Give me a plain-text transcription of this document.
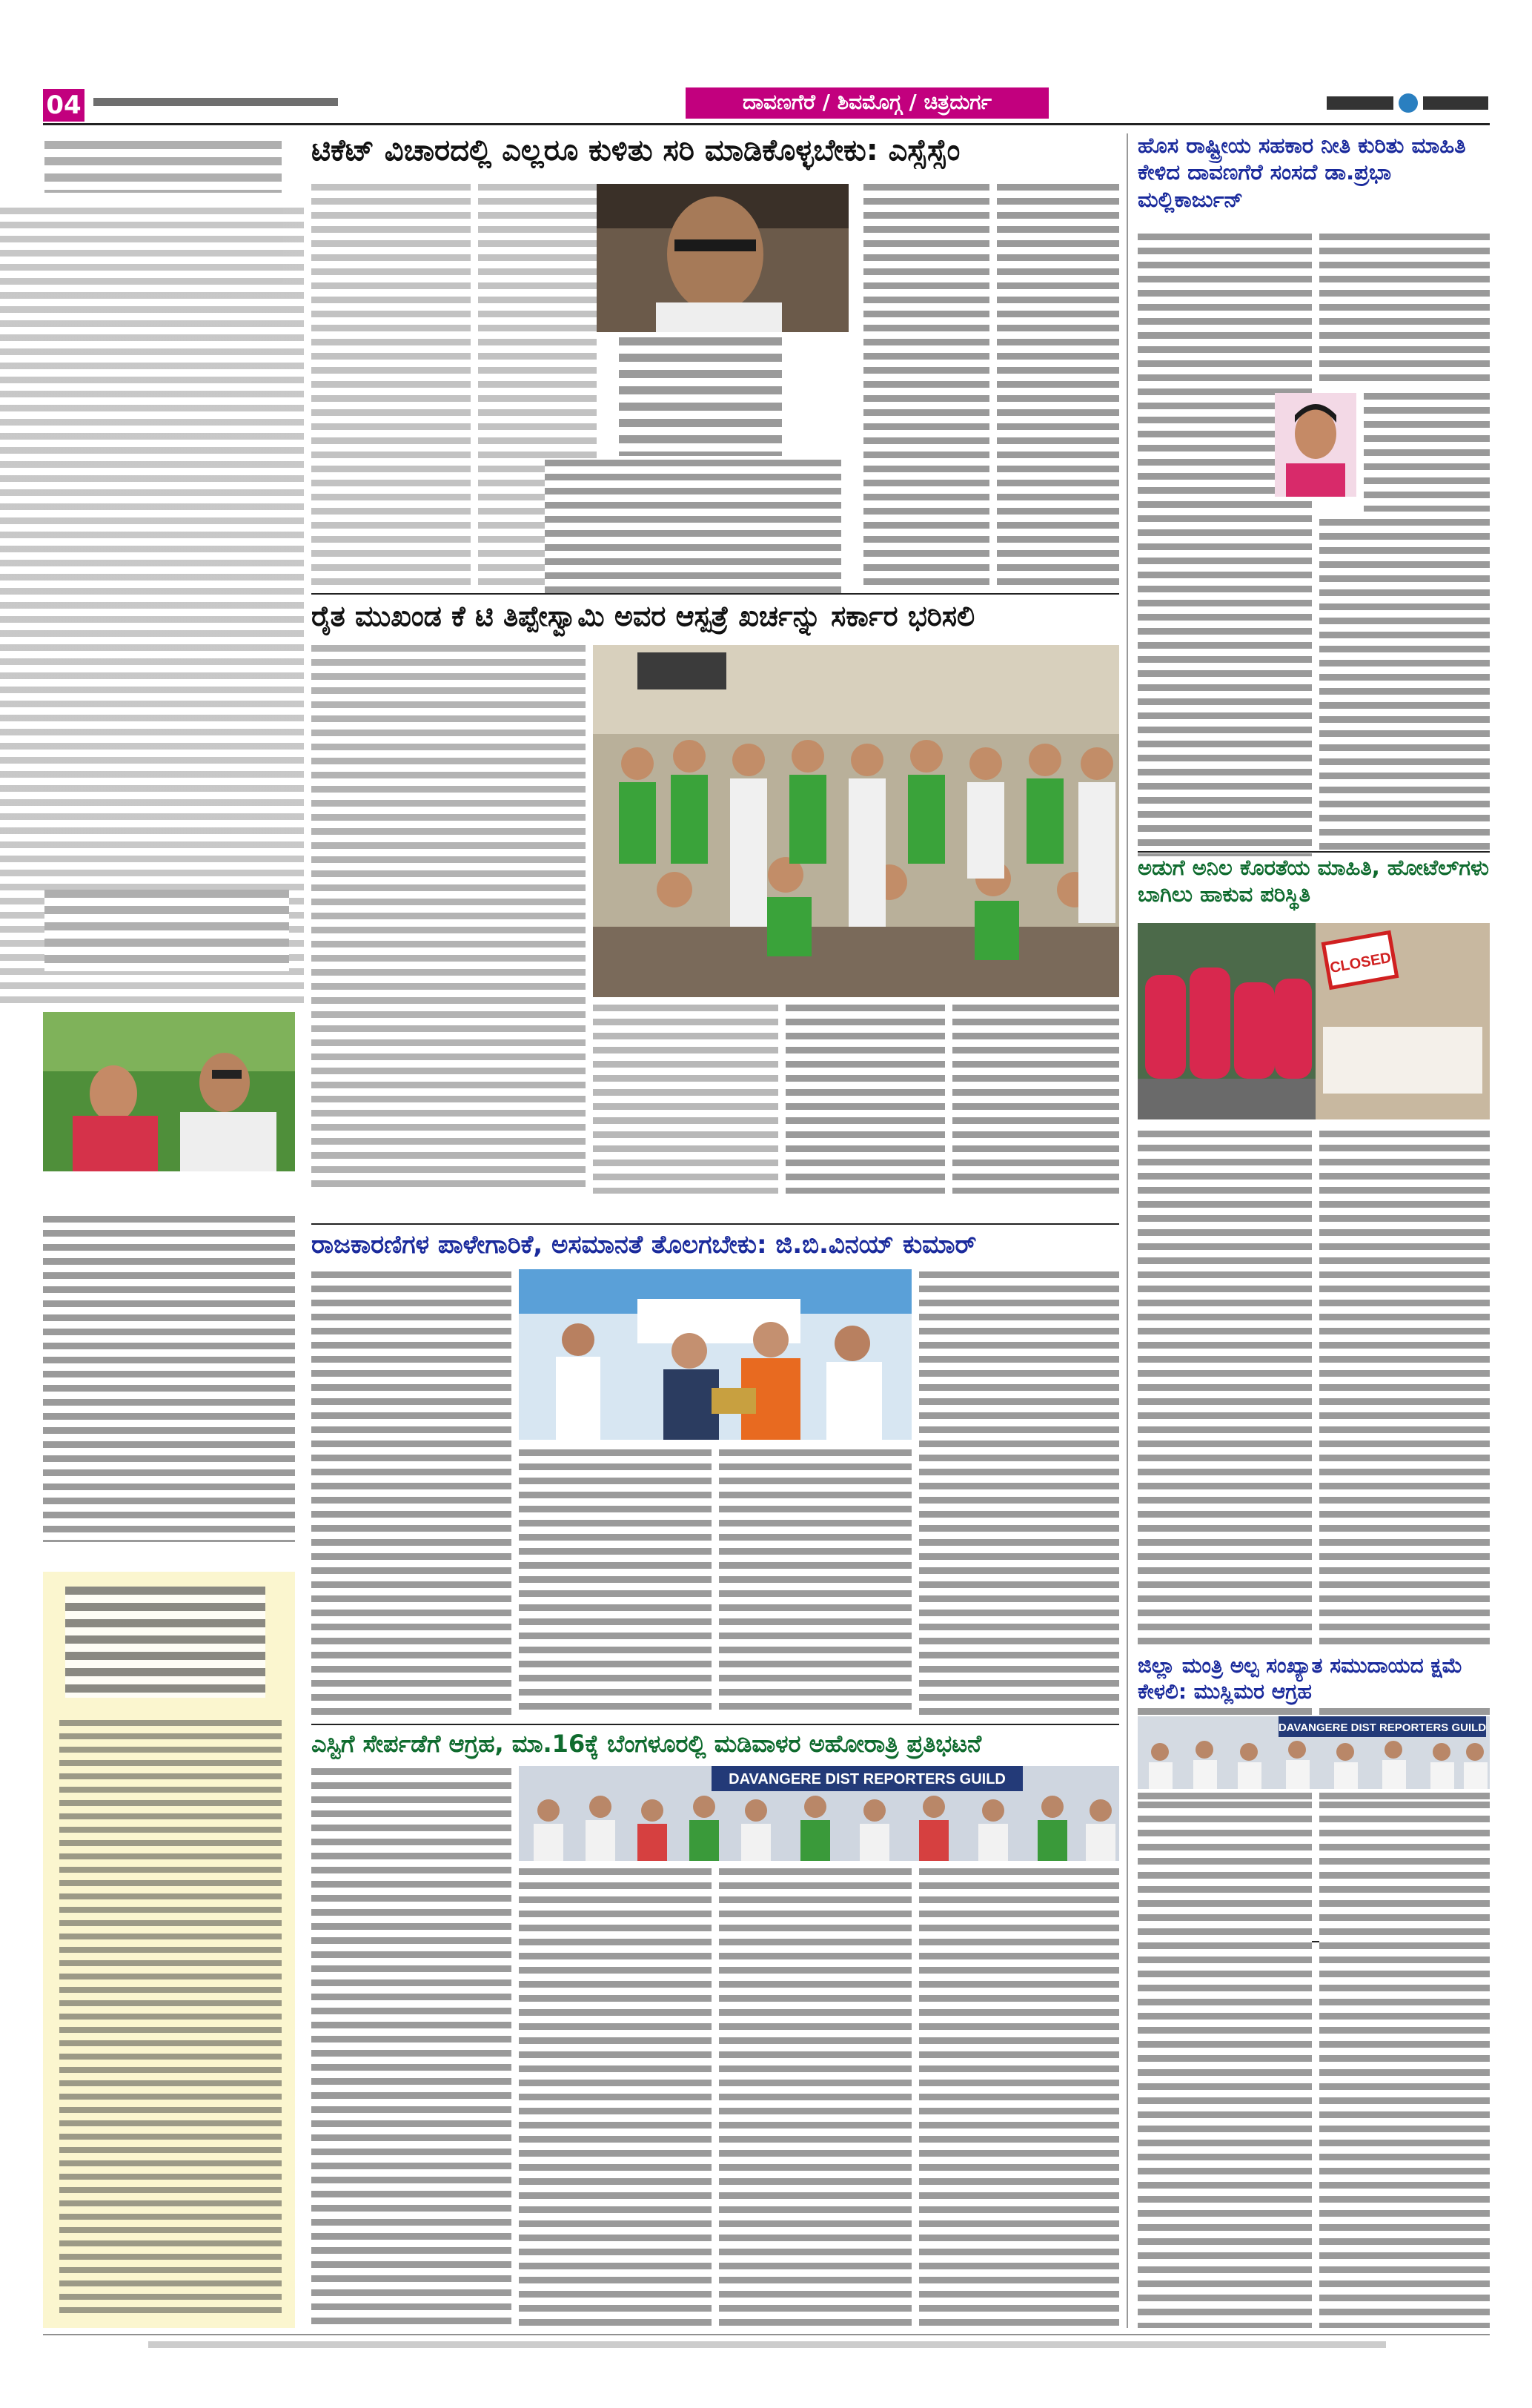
04	ದಾವಣಗೆರೆ / ಶಿವಮೊಗ್ಗ / ಚಿತ್ರದುರ್ಗ
ಟಿಕೆಟ್ ವಿಚಾರದಲ್ಲಿ ಎಲ್ಲರೂ ಕುಳಿತು ಸರಿ ಮಾಡಿಕೊಳ್ಳಬೇಕು: ಎಸ್ಸೆಸ್ಸೆಂ
ರೈತ ಮುಖಂಡ ಕೆ ಟಿ ತಿಪ್ಪೇಸ್ವಾಮಿ ಅವರ ಆಸ್ಪತ್ರೆ ಖರ್ಚನ್ನು ಸರ್ಕಾರ ಭರಿಸಲಿ
ರಾಜಕಾರಣಿಗಳ ಪಾಳೇಗಾರಿಕೆ, ಅಸಮಾನತೆ ತೊಲಗಬೇಕು: ಜಿ.ಬಿ.ವಿನಯ್ ಕುಮಾರ್
ಎಸ್ಟಿಗೆ ಸೇರ್ಪಡೆಗೆ ಆಗ್ರಹ, ಮಾ.16ಕ್ಕೆ ಬೆಂಗಳೂರಲ್ಲಿ ಮಡಿವಾಳರ ಅಹೋರಾತ್ರಿ ಪ್ರತಿಭಟನೆ
DAVANGERE DIST REPORTERS GUILD
ಹೊಸ ರಾಷ್ಟ್ರೀಯ ಸಹಕಾರ ನೀತಿ ಕುರಿತು ಮಾಹಿತಿ ಕೇಳಿದ ದಾವಣಗೆರೆ ಸಂಸದೆ ಡಾ.ಪ್ರಭಾ ಮಲ್ಲಿಕಾರ್ಜುನ್
ಅಡುಗೆ ಅನಿಲ ಕೊರತೆಯ ಮಾಹಿತಿ, ಹೋಟೆಲ್‌ಗಳು ಬಾಗಿಲು ಹಾಕುವ ಪರಿಸ್ಥಿತಿ
CLOSED
ಜಿಲ್ಲಾ ಮಂತ್ರಿ ಅಲ್ಪ ಸಂಖ್ಯಾತ ಸಮುದಾಯದ ಕ್ಷಮೆ ಕೇಳಲಿ: ಮುಸ್ಲಿಮರ ಆಗ್ರಹ
DAVANGERE DIST REPORTERS GUILD
